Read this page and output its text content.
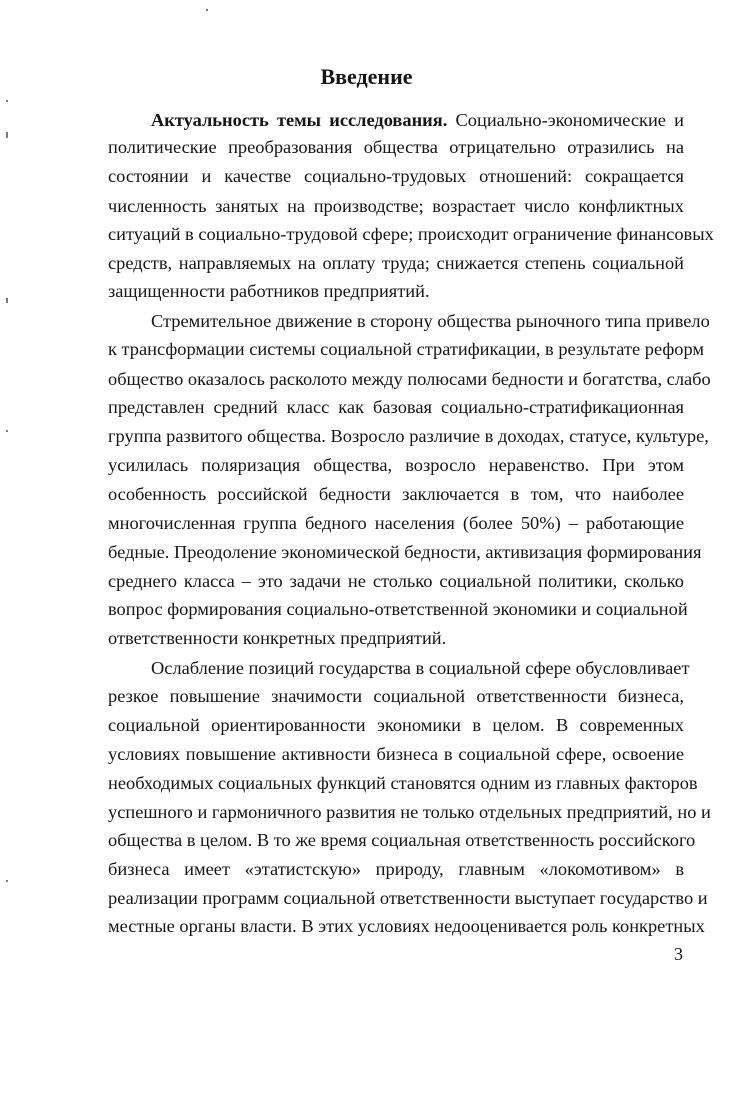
Введение
Актуальность темы исследования. Социально-экономические и
политические преобразования общества отрицательно отразились на
состоянии и качестве социально-трудовых отношений: сокращается
численность занятых на производстве; возрастает число конфликтных
ситуаций в социально-трудовой сфере; происходит ограничение финансовых
средств, направляемых на оплату труда; снижается степень социальной
защищенности работников предприятий.
Стремительное движение в сторону общества рыночного типа привело
к трансформации системы социальной стратификации, в результате реформ
общество оказалось расколото между полюсами бедности и богатства, слабо
представлен средний класс как базовая социально-стратификационная
группа развитого общества. Возросло различие в доходах, статусе, культуре,
усилилась поляризация общества, возросло неравенство. При этом
особенность российской бедности заключается в том, что наиболее
многочисленная группа бедного населения (более 50%) – работающие
бедные. Преодоление экономической бедности, активизация формирования
среднего класса – это задачи не столько социальной политики, сколько
вопрос формирования социально-ответственной экономики и социальной
ответственности конкретных предприятий.
Ослабление позиций государства в социальной сфере обусловливает
резкое повышение значимости социальной ответственности бизнеса,
социальной ориентированности экономики в целом. В современных
условиях повышение активности бизнеса в социальной сфере, освоение
необходимых социальных функций становятся одним из главных факторов
успешного и гармоничного развития не только отдельных предприятий, но и
общества в целом. В то же время социальная ответственность российского
бизнеса имеет «этатистскую» природу, главным «локомотивом» в
реализации программ социальной ответственности выступает государство и
местные органы власти. В этих условиях недооценивается роль конкретных
3
